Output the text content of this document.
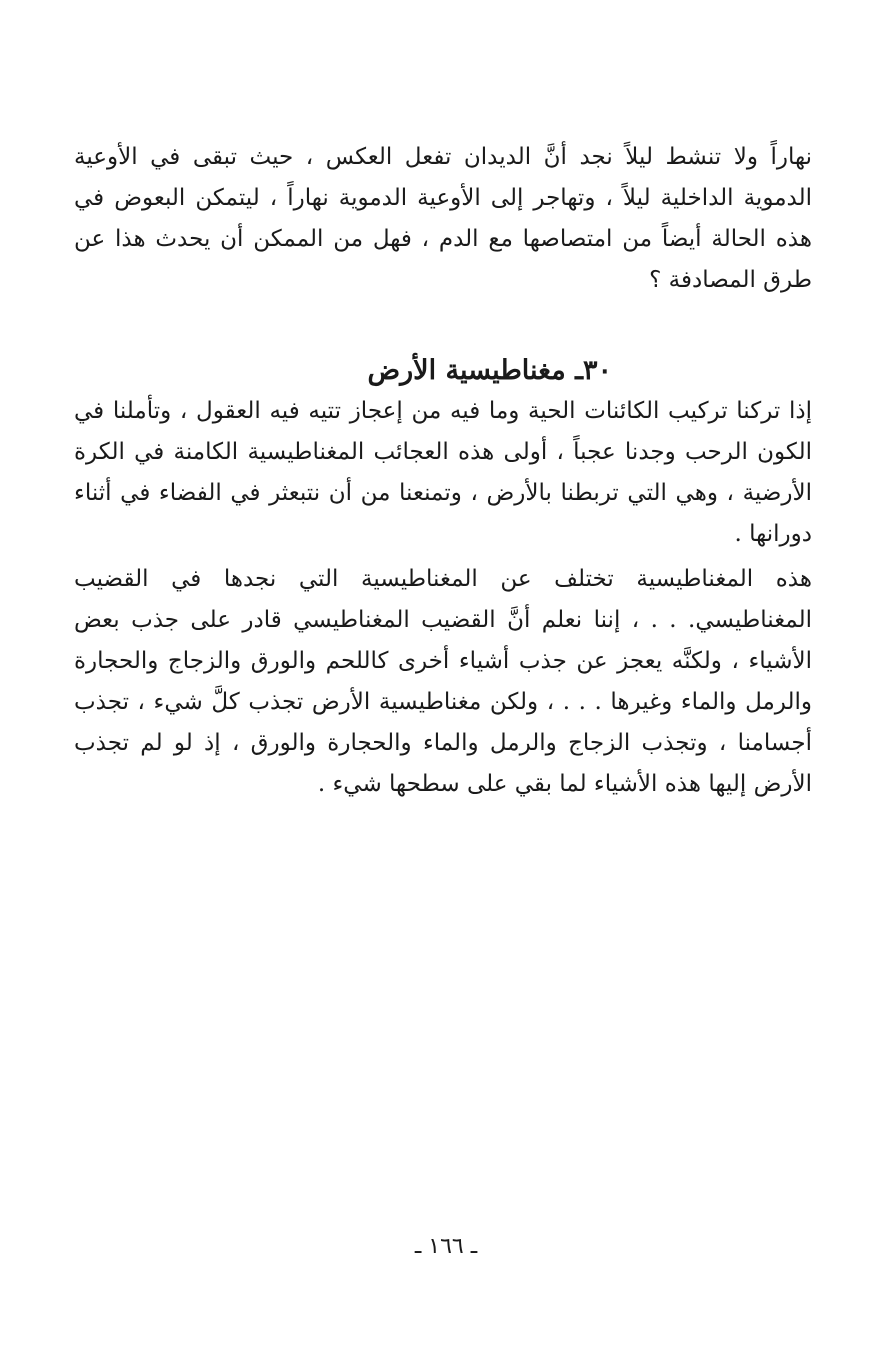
نهاراً ولا تنشط ليلاً نجد أنَّ الديدان تفعل العكس ، حيث تبقى في الأوعية الدموية الداخلية ليلاً ، وتهاجر إلى الأوعية الدموية نهاراً ، ليتمكن البعوض في هذه الحالة أيضاً من امتصاصها مع الدم ، فهل من الممكن أن يحدث هذا عن طرق المصادفة ؟

٣٠ـ مغناطيسية الأرض

إذا تركنا تركيب الكائنات الحية وما فيه من إعجاز تتيه فيه العقول ، وتأملنا في الكون الرحب وجدنا عجباً ، أولى هذه العجائب المغناطيسية الكامنة في الكرة الأرضية ، وهي التي تربطنا بالأرض ، وتمنعنا من أن نتبعثر في الفضاء في أثناء دورانها .

هذه المغناطيسية تختلف عن المغناطيسية التي نجدها في القضيب المغناطيسي. . . ، إننا نعلم أنَّ القضيب المغناطيسي قادر على جذب بعض الأشياء ، ولكنَّه يعجز عن جذب أشياء أخرى كاللحم والورق والزجاج والحجارة والرمل والماء وغيرها . . . ، ولكن مغناطيسية الأرض تجذب كلَّ شيء ، تجذب أجسامنا ، وتجذب الزجاج والرمل والماء والحجارة والورق ، إذ لو لم تجذب الأرض إليها هذه الأشياء لما بقي على سطحها شيء .

ـ ١٦٦ ـ
